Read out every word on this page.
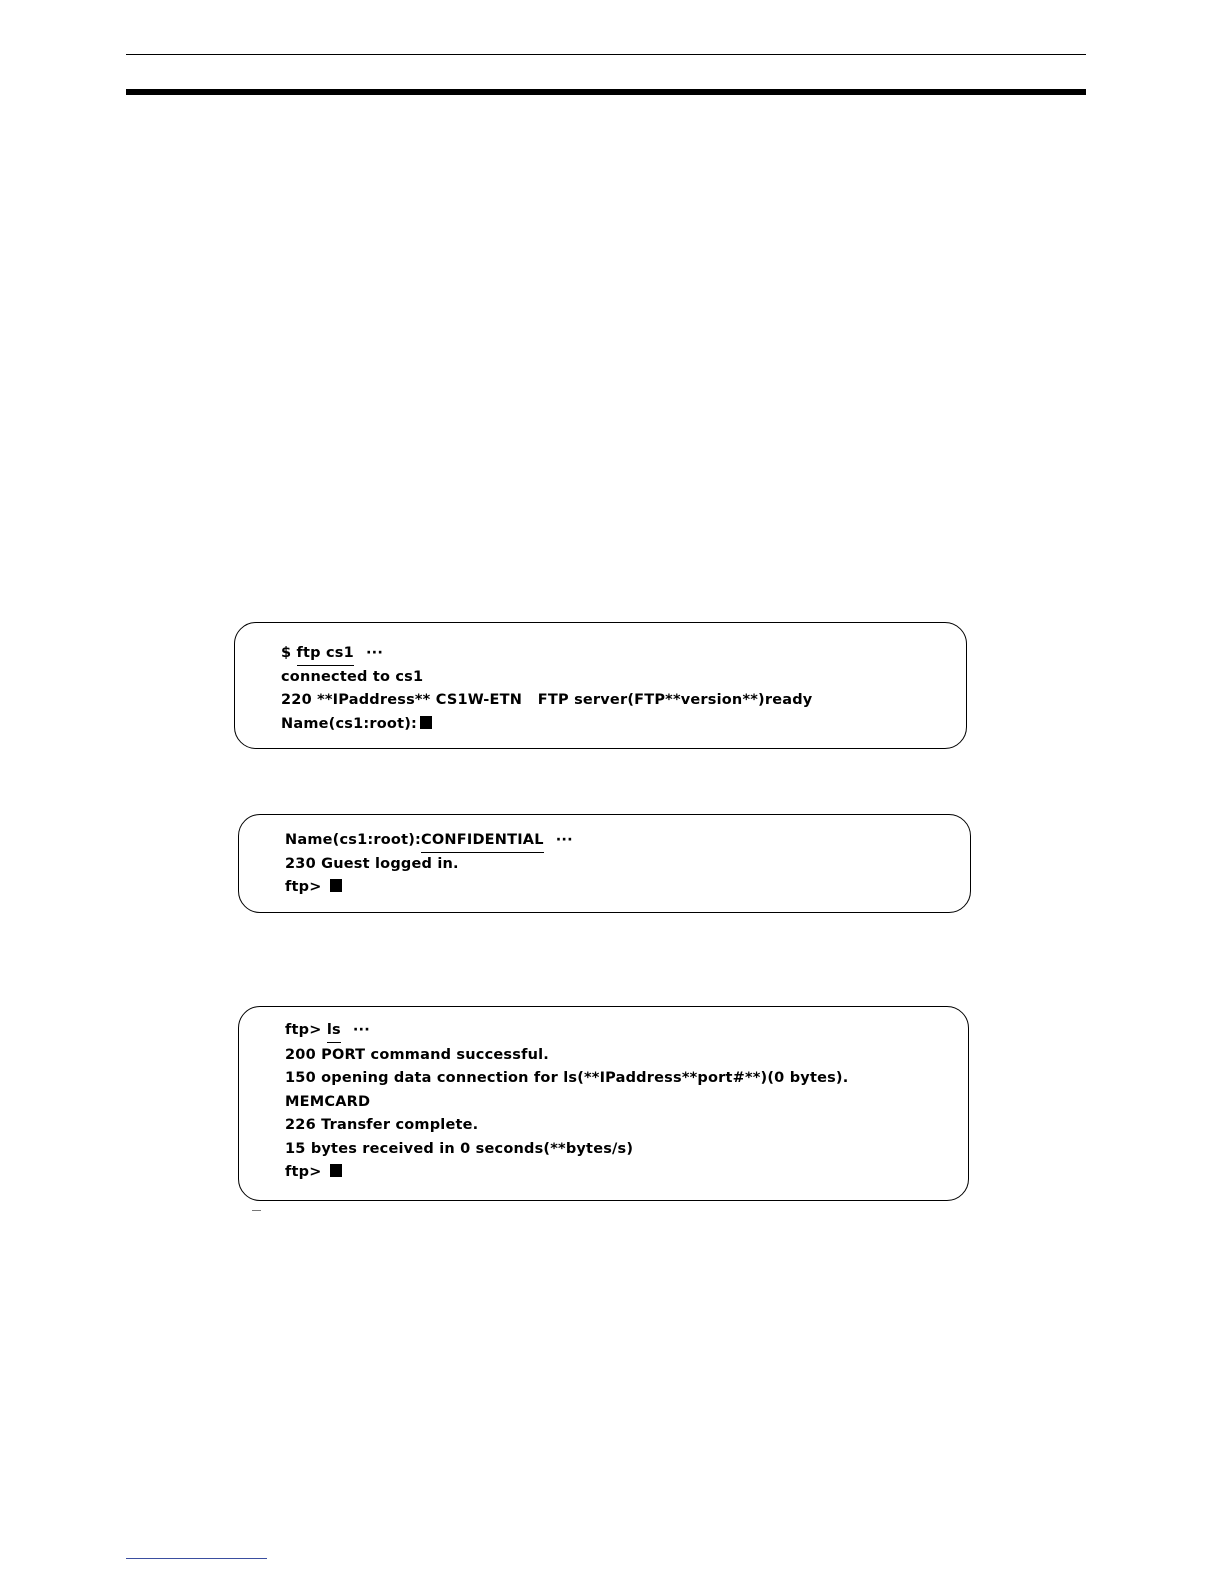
$ ftp cs1 ···
connected to cs1
220 **IPaddress** CS1W-ETN   FTP server(FTP**version**)ready
Name(cs1:root):
Name(cs1:root):CONFIDENTIAL ···
230 Guest logged in.
ftp>
ftp> ls ···
200 PORT command successful.
150 opening data connection for ls(**IPaddress**port#**)(0 bytes).
MEMCARD
226 Transfer complete.
15 bytes received in 0 seconds(**bytes/s)
ftp>
